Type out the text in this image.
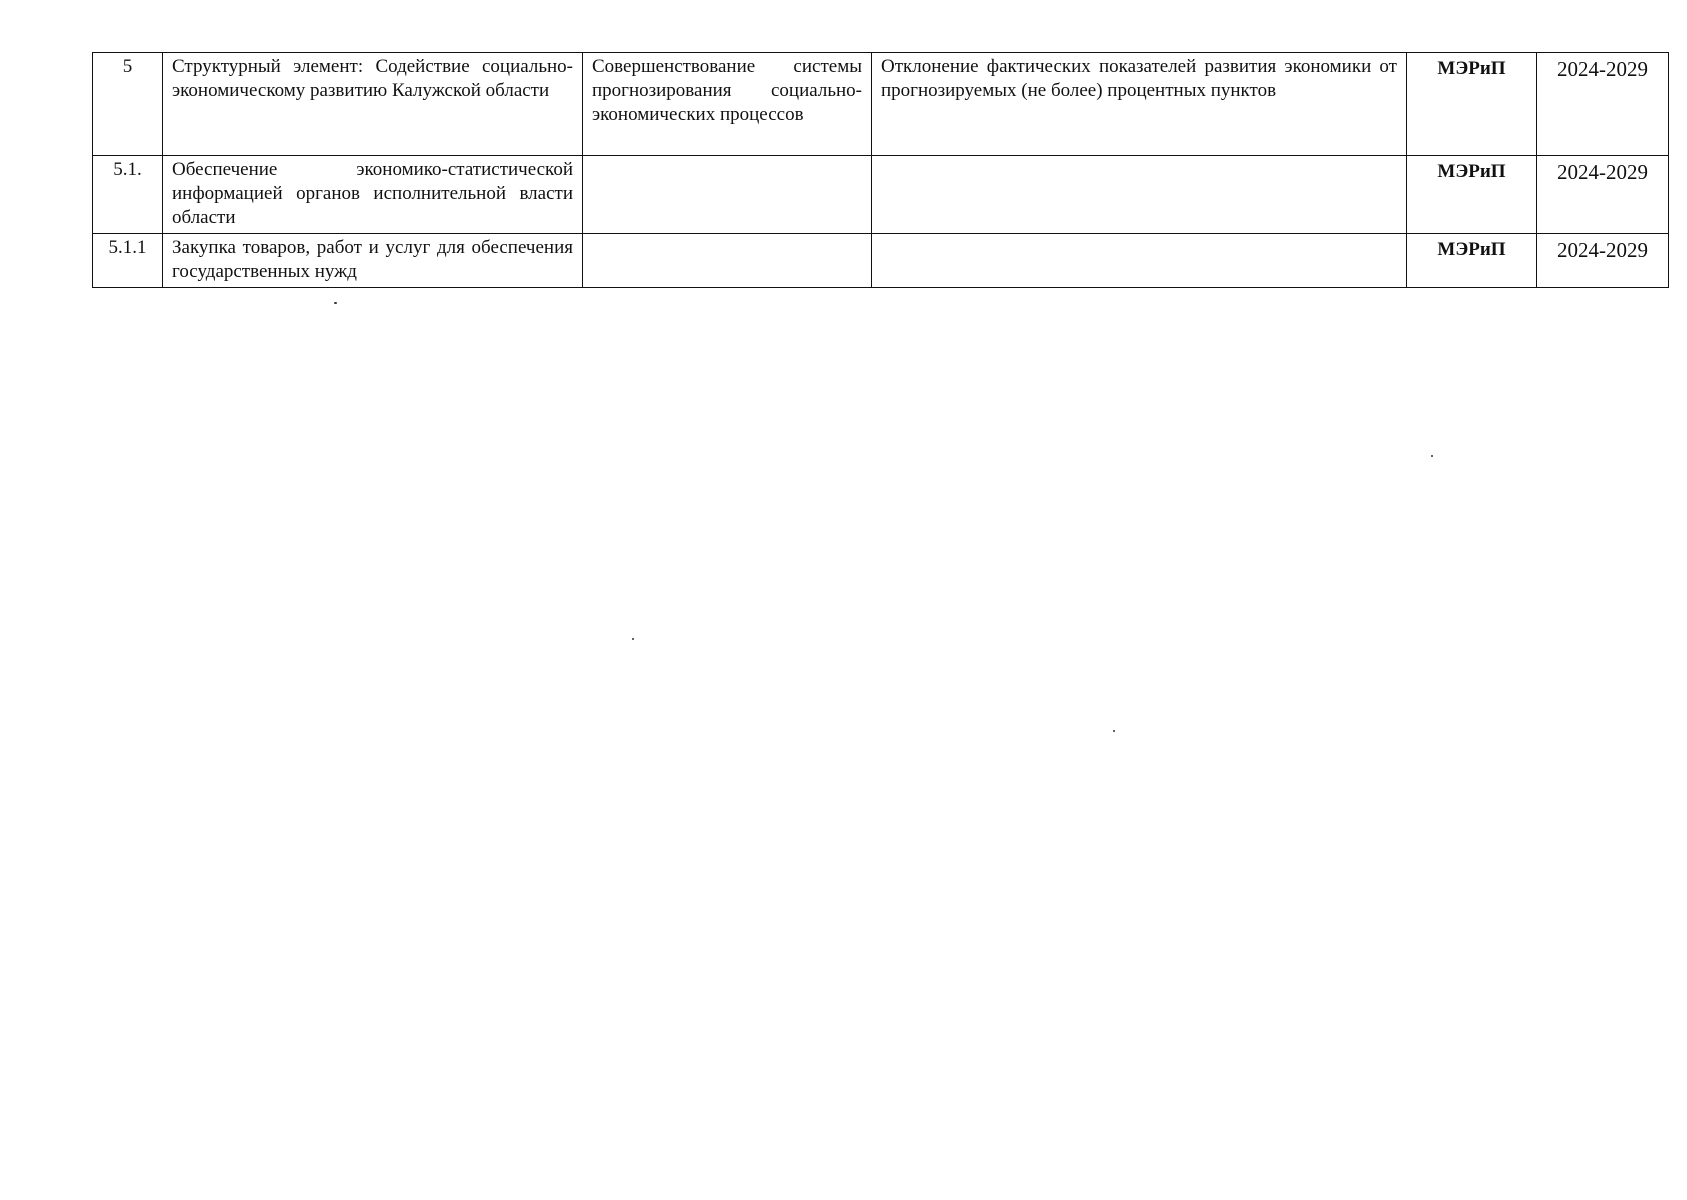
5	Структурный элемент: Содействие социально-экономическому развитию Калужской области	Совершенствование системы прогнозирования социально-экономических процессов	Отклонение фактических показателей развития экономики от прогнозируемых (не более) процентных пунктов	МЭРиП	2024-2029
5.1.	Обеспечение экономико-статистической информацией органов исполнительной власти области			МЭРиП	2024-2029
5.1.1	Закупка товаров, работ и услуг для обеспечения государственных нужд			МЭРиП	2024-2029
